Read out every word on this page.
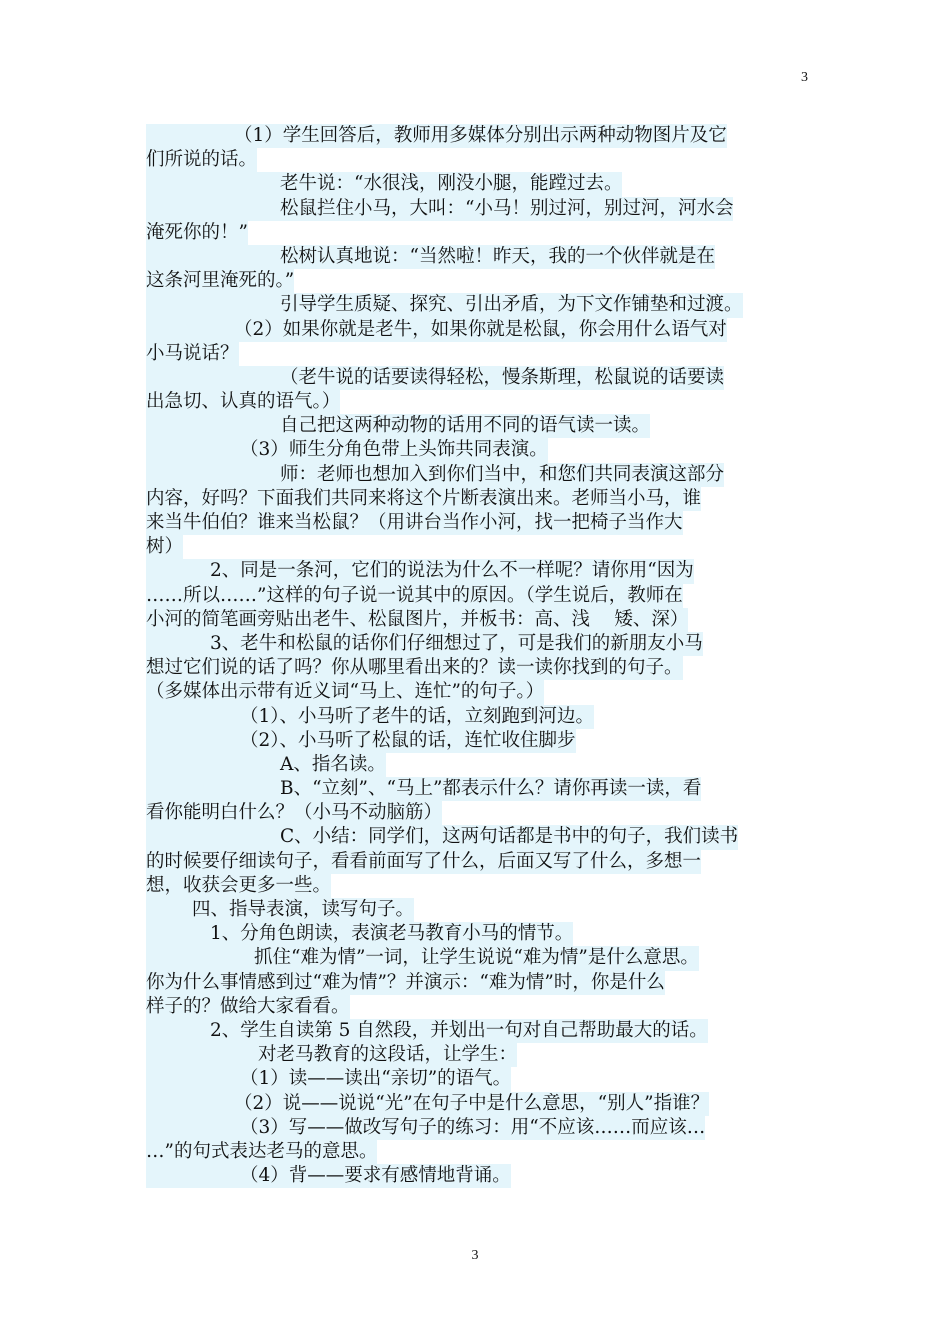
3
（1）学生回答后，教师用多媒体分别出示两种动物图片及它
们所说的话。
老牛说：“水很浅，刚没小腿，能蹚过去。
松鼠拦住小马，大叫：“小马！别过河，别过河，河水会
淹死你的！”
松树认真地说：“当然啦！昨天，我的一个伙伴就是在
这条河里淹死的。”
引导学生质疑、探究、引出矛盾，为下文作铺垫和过渡。
（2）如果你就是老牛，如果你就是松鼠，你会用什么语气对
小马说话？
（老牛说的话要读得轻松，慢条斯理，松鼠说的话要读
出急切、认真的语气。）
自己把这两种动物的话用不同的语气读一读。
（3）师生分角色带上头饰共同表演。
师：老师也想加入到你们当中，和您们共同表演这部分
内容，好吗？下面我们共同来将这个片断表演出来。老师当小马，谁
来当牛伯伯？谁来当松鼠？（用讲台当作小河，找一把椅子当作大
树）
2、同是一条河，它们的说法为什么不一样呢？请你用“因为
……所以……”这样的句子说一说其中的原因。（学生说后，教师在
小河的简笔画旁贴出老牛、松鼠图片，并板书：高、浅　 矮、深）
3、老牛和松鼠的话你们仔细想过了，可是我们的新朋友小马
想过它们说的话了吗？你从哪里看出来的？读一读你找到的句子。
（多媒体出示带有近义词“马上、连忙”的句子。）
（1）、小马听了老牛的话，立刻跑到河边。
（2）、小马听了松鼠的话，连忙收住脚步
A、指名读。
B、“立刻”、“马上”都表示什么？请你再读一读，看
看你能明白什么？（小马不动脑筋）
C、小结：同学们，这两句话都是书中的句子，我们读书
的时候要仔细读句子，看看前面写了什么，后面又写了什么，多想一
想，收获会更多一些。
四、指导表演，读写句子。
1、分角色朗读，表演老马教育小马的情节。
抓住“难为情”一词，让学生说说“难为情”是什么意思。
你为什么事情感到过“难为情”？并演示：“难为情”时，你是什么
样子的？做给大家看看。
2、学生自读第 5 自然段，并划出一句对自己帮助最大的话。
对老马教育的这段话，让学生：
（1）读——读出“亲切”的语气。
（2）说——说说“光”在句子中是什么意思，“别人”指谁？
（3）写——做改写句子的练习：用“不应该……而应该…
…”的句式表达老马的意思。
（4）背——要求有感情地背诵。
3
